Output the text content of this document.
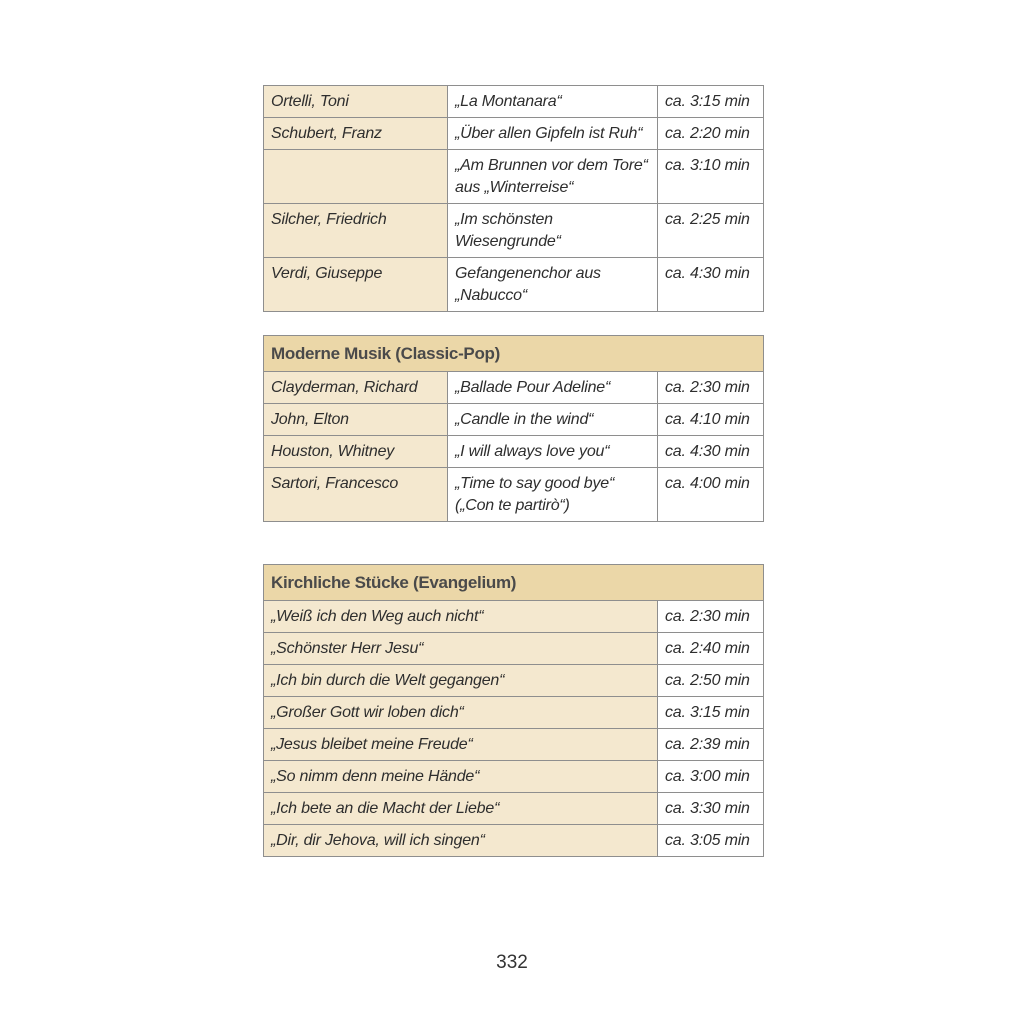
Ortelli, Toni	„La Montanara“	ca. 3:15 min
Schubert, Franz	„Über allen Gipfeln ist Ruh“	ca. 2:20 min
	„Am Brunnen vor dem Tore“ aus „Winterreise“	ca. 3:10 min
Silcher, Friedrich	„Im schönsten Wiesengrunde“	ca. 2:25 min
Verdi, Giuseppe	Gefangenenchor aus „Nabucco“	ca. 4:30 min
Moderne Musik (Classic-Pop)		
Clayderman, Richard	„Ballade Pour Adeline“	ca. 2:30 min
John, Elton	„Candle in the wind“	ca. 4:10 min
Houston, Whitney	„I will always love you“	ca. 4:30 min
Sartori, Francesco	„Time to say good bye“ („Con te partirò“)	ca. 4:00 min
Kirchliche Stücke (Evangelium)	
„Weiß ich den Weg auch nicht“	ca. 2:30 min
„Schönster Herr Jesu“	ca. 2:40 min
„Ich bin durch die Welt gegangen“	ca. 2:50 min
„Großer Gott wir loben dich“	ca. 3:15 min
„Jesus bleibet meine Freude“	ca. 2:39 min
„So nimm denn meine Hände“	ca. 3:00 min
„Ich bete an die Macht der Liebe“	ca. 3:30 min
„Dir, dir Jehova, will ich singen“	ca. 3:05 min
332
